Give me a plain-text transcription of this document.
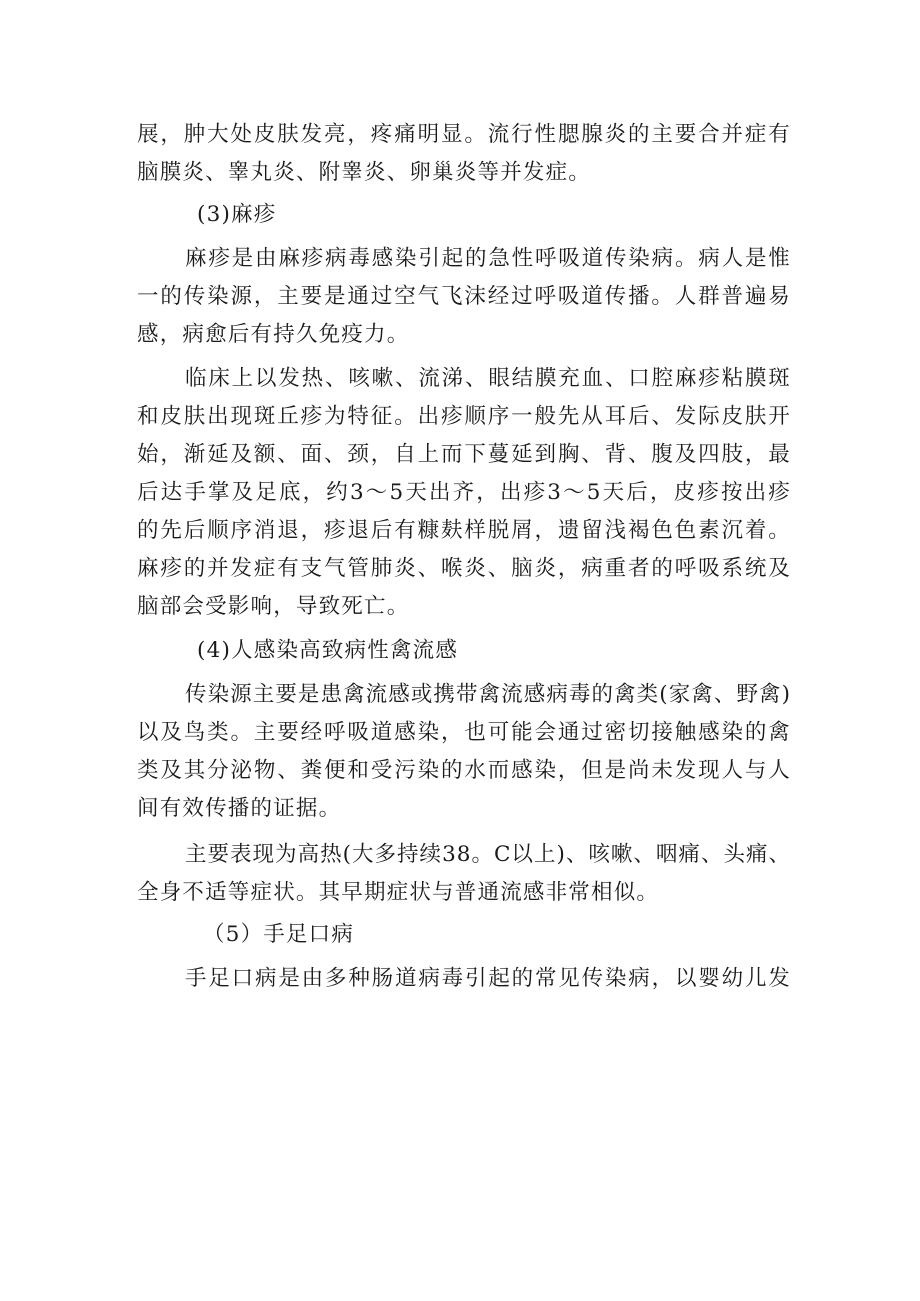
展，肿大处皮肤发亮，疼痛明显。流行性腮腺炎的主要合并症有
脑膜炎、睾丸炎、附睾炎、卵巢炎等并发症。
(3)麻疹
麻疹是由麻疹病毒感染引起的急性呼吸道传染病。病人是惟
一的传染源，主要是通过空气飞沫经过呼吸道传播。人群普遍易
感，病愈后有持久免疫力。
临床上以发热、咳嗽、流涕、眼结膜充血、口腔麻疹粘膜斑
和皮肤出现斑丘疹为特征。出疹顺序一般先从耳后、发际皮肤开
始，渐延及额、面、颈，自上而下蔓延到胸、背、腹及四肢，最
后达手掌及足底，约3～5天出齐，出疹3～5天后，皮疹按出疹
的先后顺序消退，疹退后有糠麸样脱屑，遗留浅褐色色素沉着。
麻疹的并发症有支气管肺炎、喉炎、脑炎，病重者的呼吸系统及
脑部会受影响，导致死亡。
(4)人感染高致病性禽流感
传染源主要是患禽流感或携带禽流感病毒的禽类(家禽、野禽)
以及鸟类。主要经呼吸道感染，也可能会通过密切接触感染的禽
类及其分泌物、粪便和受污染的水而感染，但是尚未发现人与人
间有效传播的证据。
主要表现为高热(大多持续38。C以上)、咳嗽、咽痛、头痛、
全身不适等症状。其早期症状与普通流感非常相似。
（5）手足口病
手足口病是由多种肠道病毒引起的常见传染病，以婴幼儿发
